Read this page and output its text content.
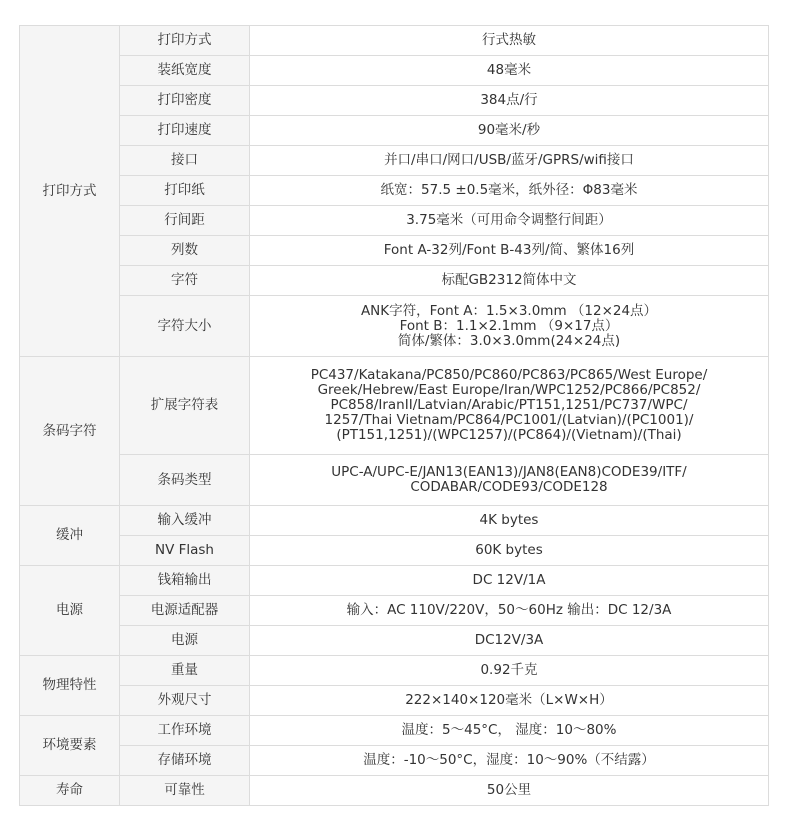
打印方式	打印方式	行式热敏
	装纸宽度	48毫米
	打印密度	384点/行
	打印速度	90毫米/秒
	接口	并口/串口/网口/USB/蓝牙/GPRS/wifi接口
	打印纸	纸宽：57.5 ±0.5毫米，纸外径：Φ83毫米
	行间距	3.75毫米（可用命令调整行间距）
	列数	Font A-32列/Font B-43列/简、繁体16列
	字符	标配GB2312简体中文
	字符大小	ANK字符，Font A：1.5×3.0mm （12×24点）
Font B：1.1×2.1mm （9×17点）
简体/繁体：3.0×3.0mm(24×24点)
条码字符	扩展字符表	PC437/Katakana/PC850/PC860/PC863/PC865/West Europe/
Greek/Hebrew/East Europe/Iran/WPC1252/PC866/PC852/
PC858/IranII/Latvian/Arabic/PT151,1251/PC737/WPC/
1257/Thai Vietnam/PC864/PC1001/(Latvian)/(PC1001)/
(PT151,1251)/(WPC1257)/(PC864)/(Vietnam)/(Thai)
	条码类型	UPC-A/UPC-E/JAN13(EAN13)/JAN8(EAN8)CODE39/ITF/
CODABAR/CODE93/CODE128
缓冲	输入缓冲	4K bytes
	NV Flash	60K bytes
电源	钱箱输出	DC 12V/1A
	电源适配器	输入：AC 110V/220V，50～60Hz 输出：DC 12/3A
	电源	DC12V/3A
物理特性	重量	0.92千克
	外观尺寸	222×140×120毫米（L×W×H）
环境要素	工作环境	温度：5～45°C， 湿度：10～80%
	存储环境	温度：-10～50°C，湿度：10～90%（不结露）
寿命	可靠性	50公里
